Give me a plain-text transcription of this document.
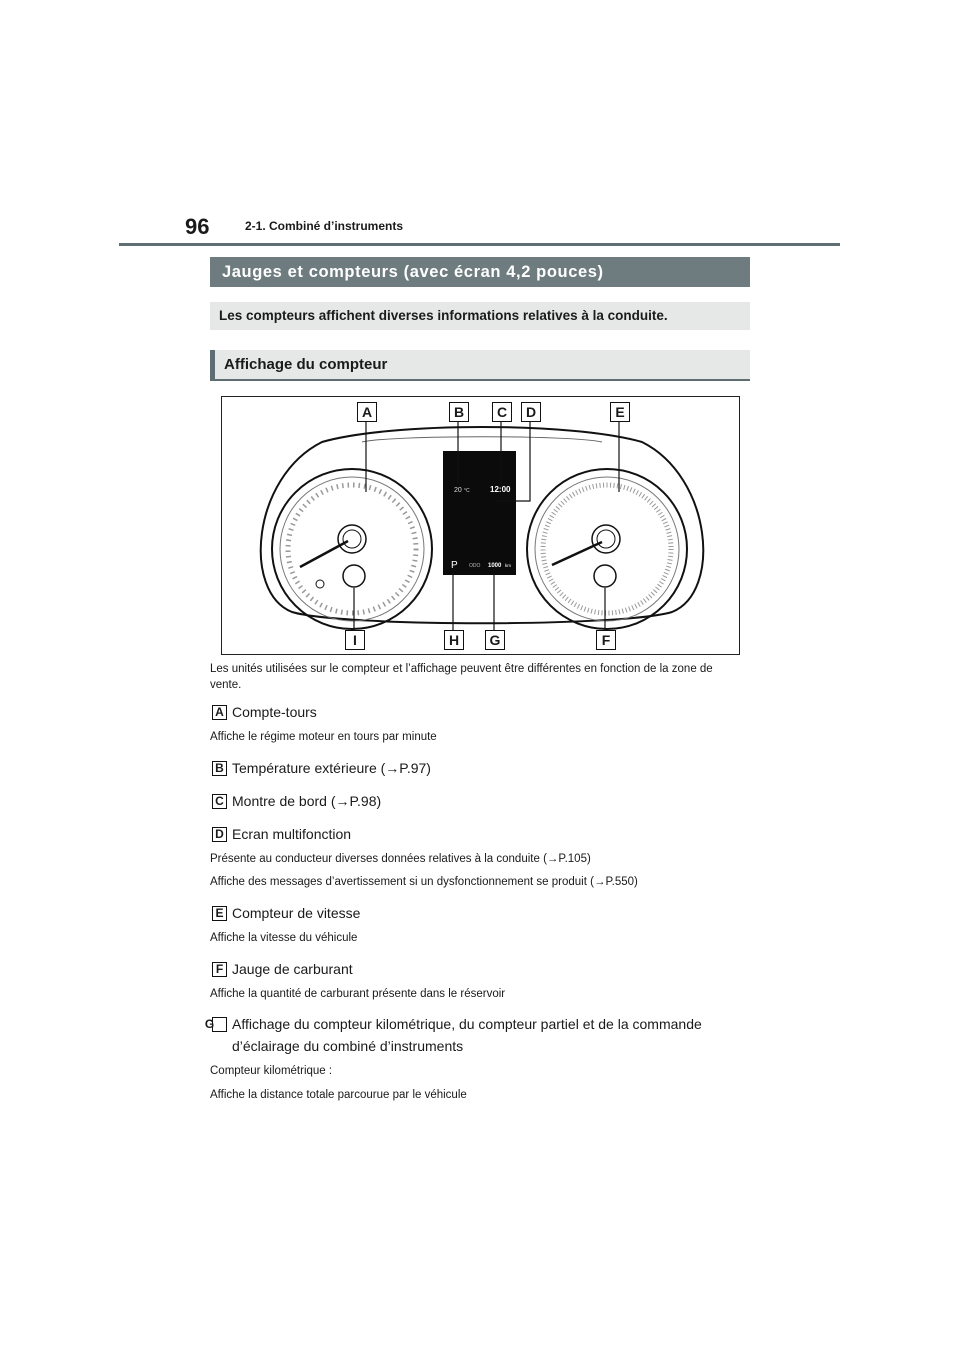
96	2-1. Combiné d’instruments
Jauges et compteurs (avec écran 4,2 pouces)
Les compteurs affichent diverses informations relatives à la conduite.
Affichage du compteur
20 °C	12:00
P ODO 1000 km
A	B	C	D	E
I	H	G	F
Les unités utilisées sur le compteur et l’affichage peuvent être différentes en fonction de la zone de vente.
A Compte-tours
Affiche le régime moteur en tours par minute
B Température extérieure (→P.97)
C Montre de bord (→P.98)
D Ecran multifonction
Présente au conducteur diverses données relatives à la conduite (→P.105)
Affiche des messages d’avertissement si un dysfonctionnement se produit (→P.550)
E Compteur de vitesse
Affiche la vitesse du véhicule
F Jauge de carburant
Affiche la quantité de carburant présente dans le réservoir
G Affichage du compteur kilométrique, du compteur partiel et de la commande d’éclairage du combiné d’instruments
Compteur kilométrique :
Affiche la distance totale parcourue par le véhicule
